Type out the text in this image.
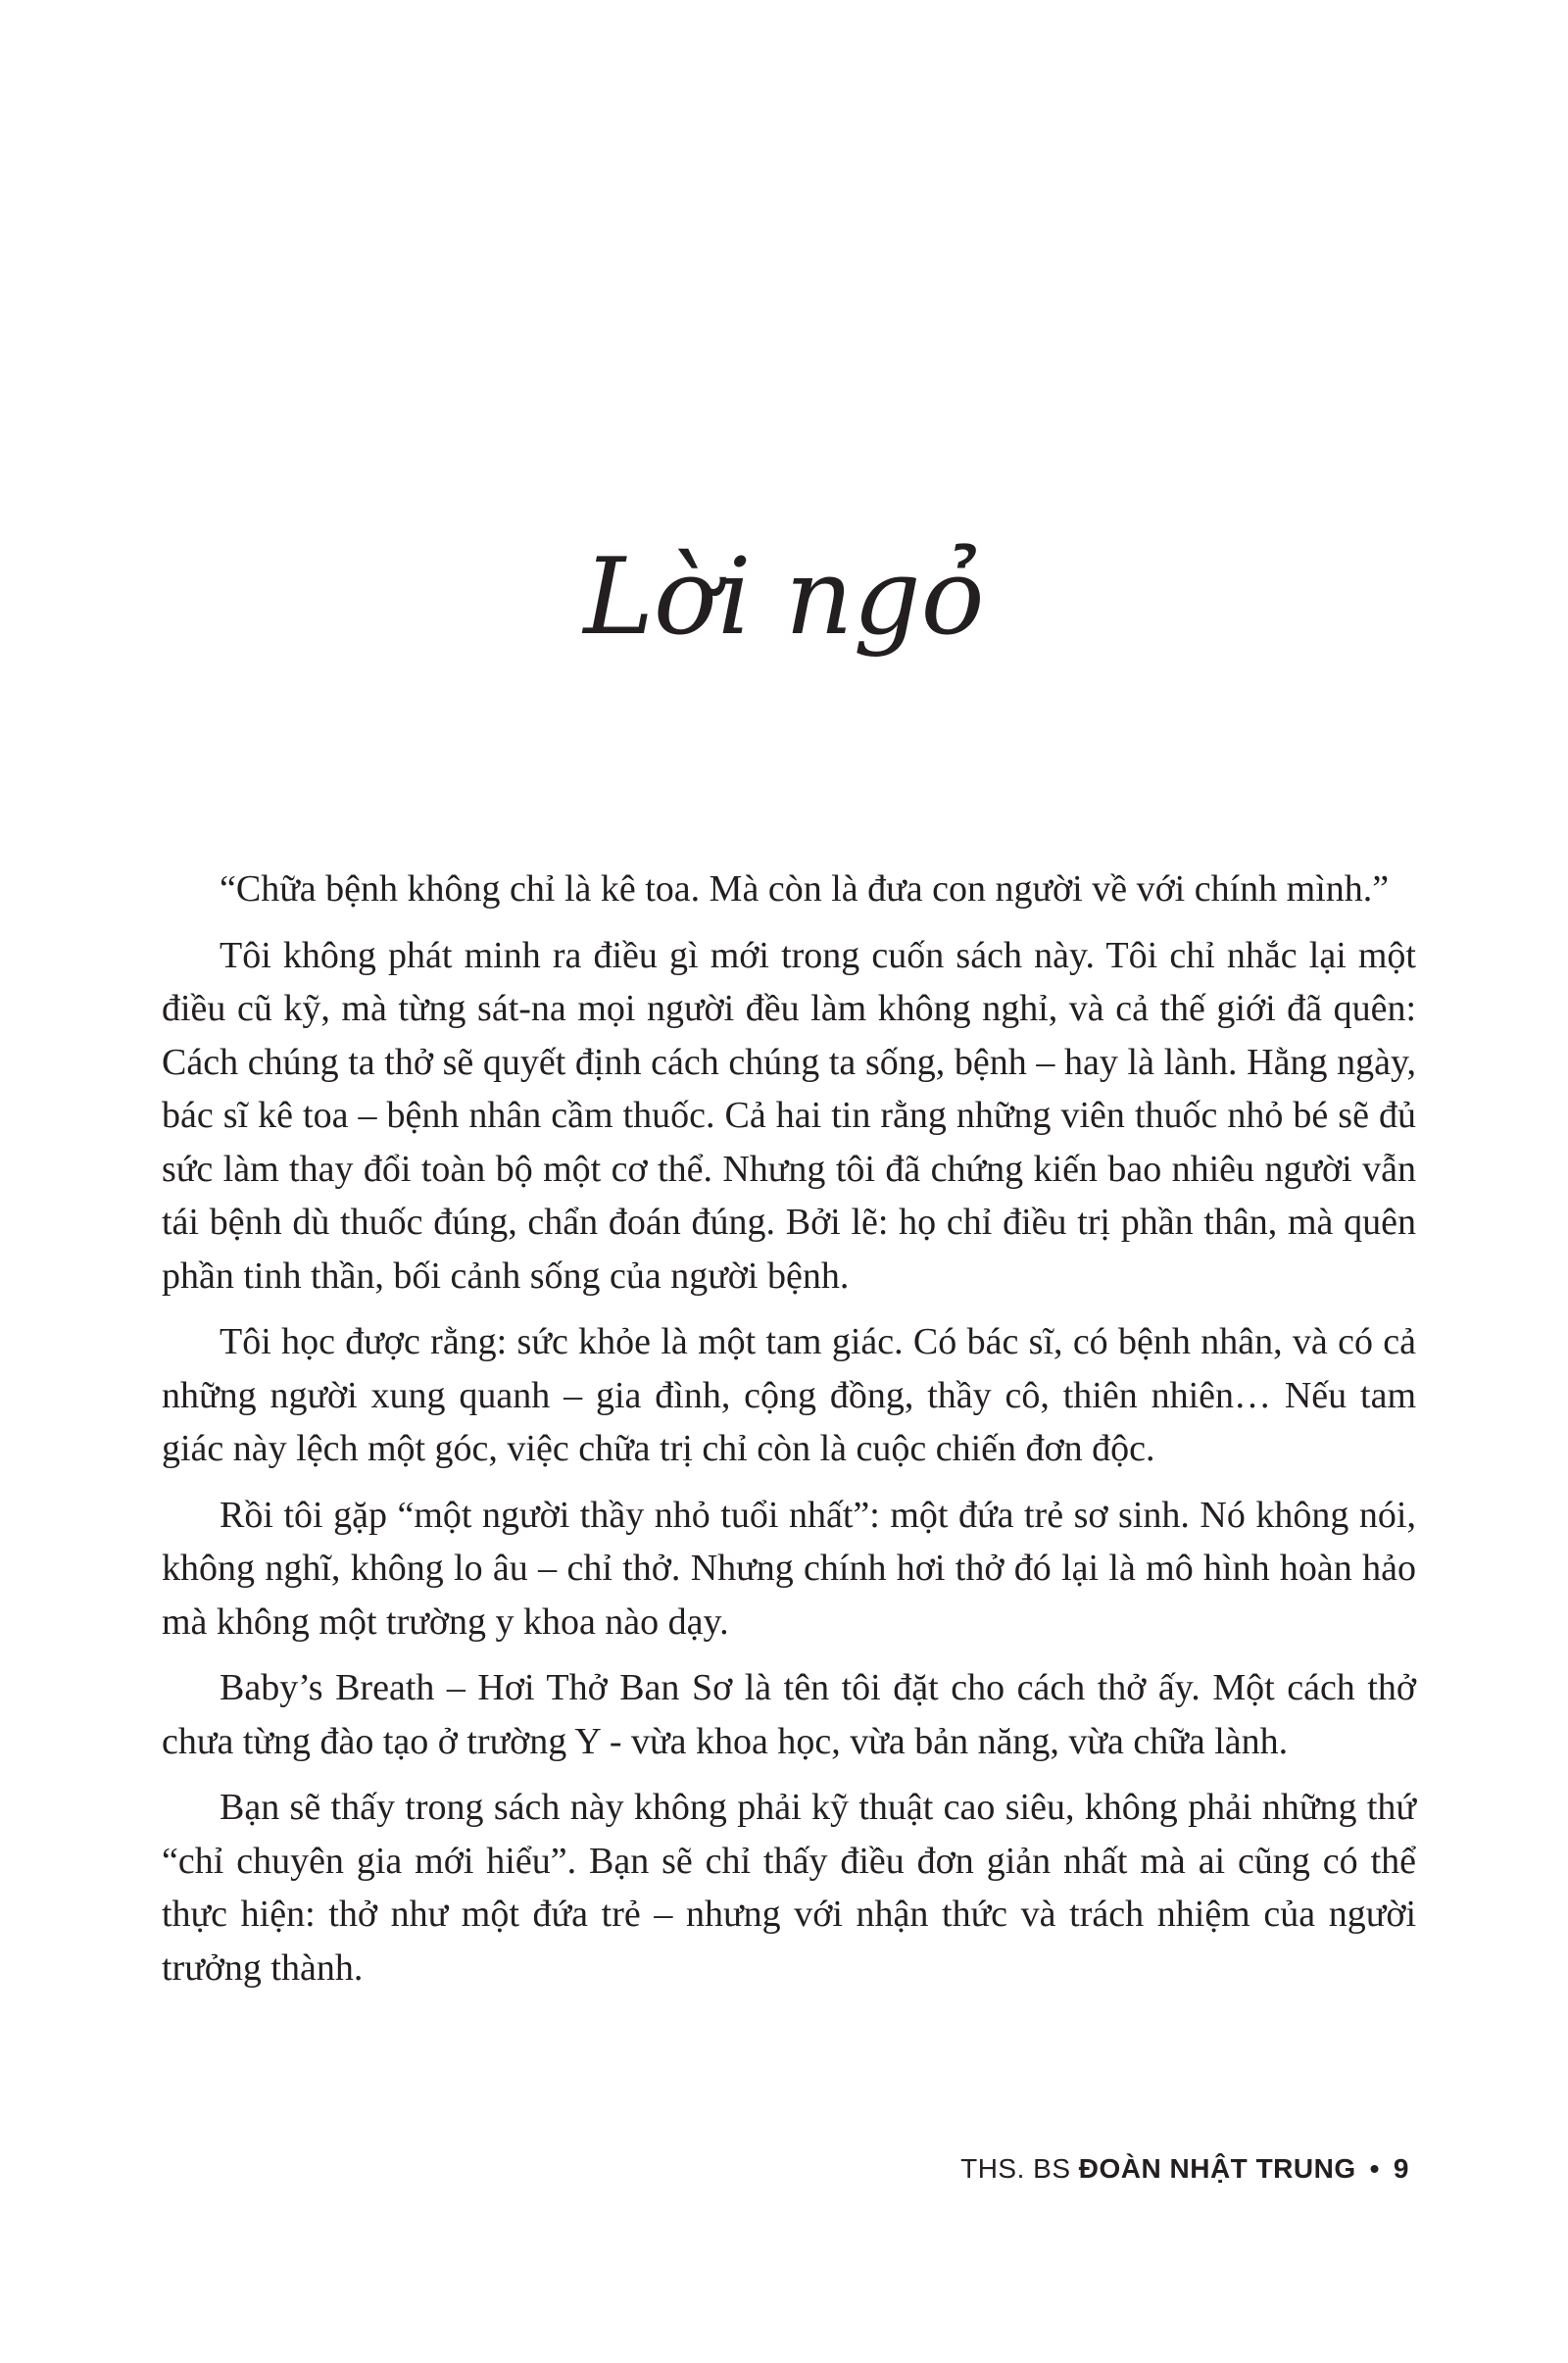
Lời ngỏ

“Chữa bệnh không chỉ là kê toa. Mà còn là đưa con người về với chính mình.”

Tôi không phát minh ra điều gì mới trong cuốn sách này. Tôi chỉ nhắc lại một điều cũ kỹ, mà từng sát-na mọi người đều làm không nghỉ, và cả thế giới đã quên: Cách chúng ta thở sẽ quyết định cách chúng ta sống, bệnh – hay là lành. Hằng ngày, bác sĩ kê toa – bệnh nhân cầm thuốc. Cả hai tin rằng những viên thuốc nhỏ bé sẽ đủ sức làm thay đổi toàn bộ một cơ thể. Nhưng tôi đã chứng kiến bao nhiêu người vẫn tái bệnh dù thuốc đúng, chẩn đoán đúng. Bởi lẽ: họ chỉ điều trị phần thân, mà quên phần tinh thần, bối cảnh sống của người bệnh.

Tôi học được rằng: sức khỏe là một tam giác. Có bác sĩ, có bệnh nhân, và có cả những người xung quanh – gia đình, cộng đồng, thầy cô, thiên nhiên… Nếu tam giác này lệch một góc, việc chữa trị chỉ còn là cuộc chiến đơn độc.

Rồi tôi gặp “một người thầy nhỏ tuổi nhất”: một đứa trẻ sơ sinh. Nó không nói, không nghĩ, không lo âu – chỉ thở. Nhưng chính hơi thở đó lại là mô hình hoàn hảo mà không một trường y khoa nào dạy.

Baby’s Breath – Hơi Thở Ban Sơ là tên tôi đặt cho cách thở ấy. Một cách thở chưa từng đào tạo ở trường Y - vừa khoa học, vừa bản năng, vừa chữa lành.

Bạn sẽ thấy trong sách này không phải kỹ thuật cao siêu, không phải những thứ “chỉ chuyên gia mới hiểu”. Bạn sẽ chỉ thấy điều đơn giản nhất mà ai cũng có thể thực hiện: thở như một đứa trẻ – nhưng với nhận thức và trách nhiệm của người trưởng thành.

THS. BS ĐOÀN NHẬT TRUNG • 9
